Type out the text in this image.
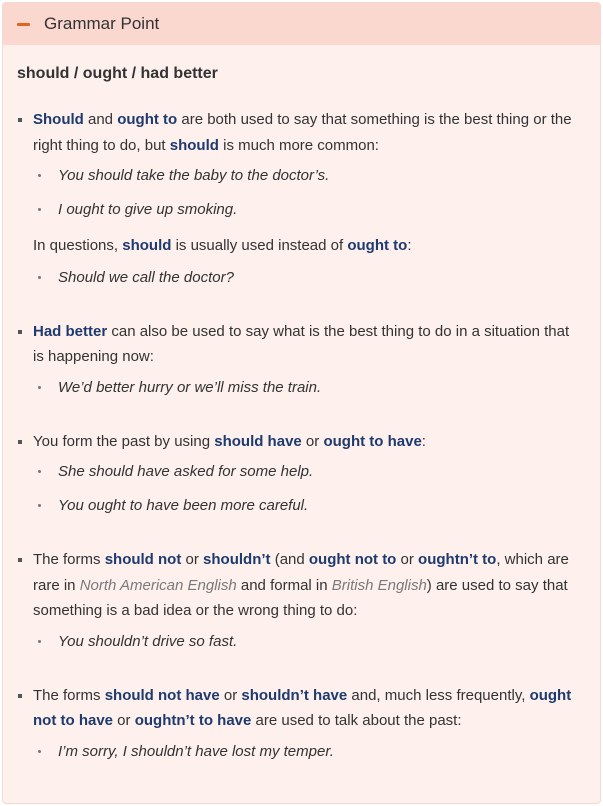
Grammar Point
should / ought / had better
Should and ought to are both used to say that something is the best thing or the right thing to do, but should is much more common:
You should take the baby to the doctor’s.
I ought to give up smoking.
In questions, should is usually used instead of ought to:
Should we call the doctor?
Had better can also be used to say what is the best thing to do in a situation that is happening now:
We’d better hurry or we’ll miss the train.
You form the past by using should have or ought to have:
She should have asked for some help.
You ought to have been more careful.
The forms should not or shouldn’t (and ought not to or oughtn’t to, which are rare in North American English and formal in British English) are used to say that something is a bad idea or the wrong thing to do:
You shouldn’t drive so fast.
The forms should not have or shouldn’t have and, much less frequently, ought not to have or oughtn’t to have are used to talk about the past:
I’m sorry, I shouldn’t have lost my temper.
